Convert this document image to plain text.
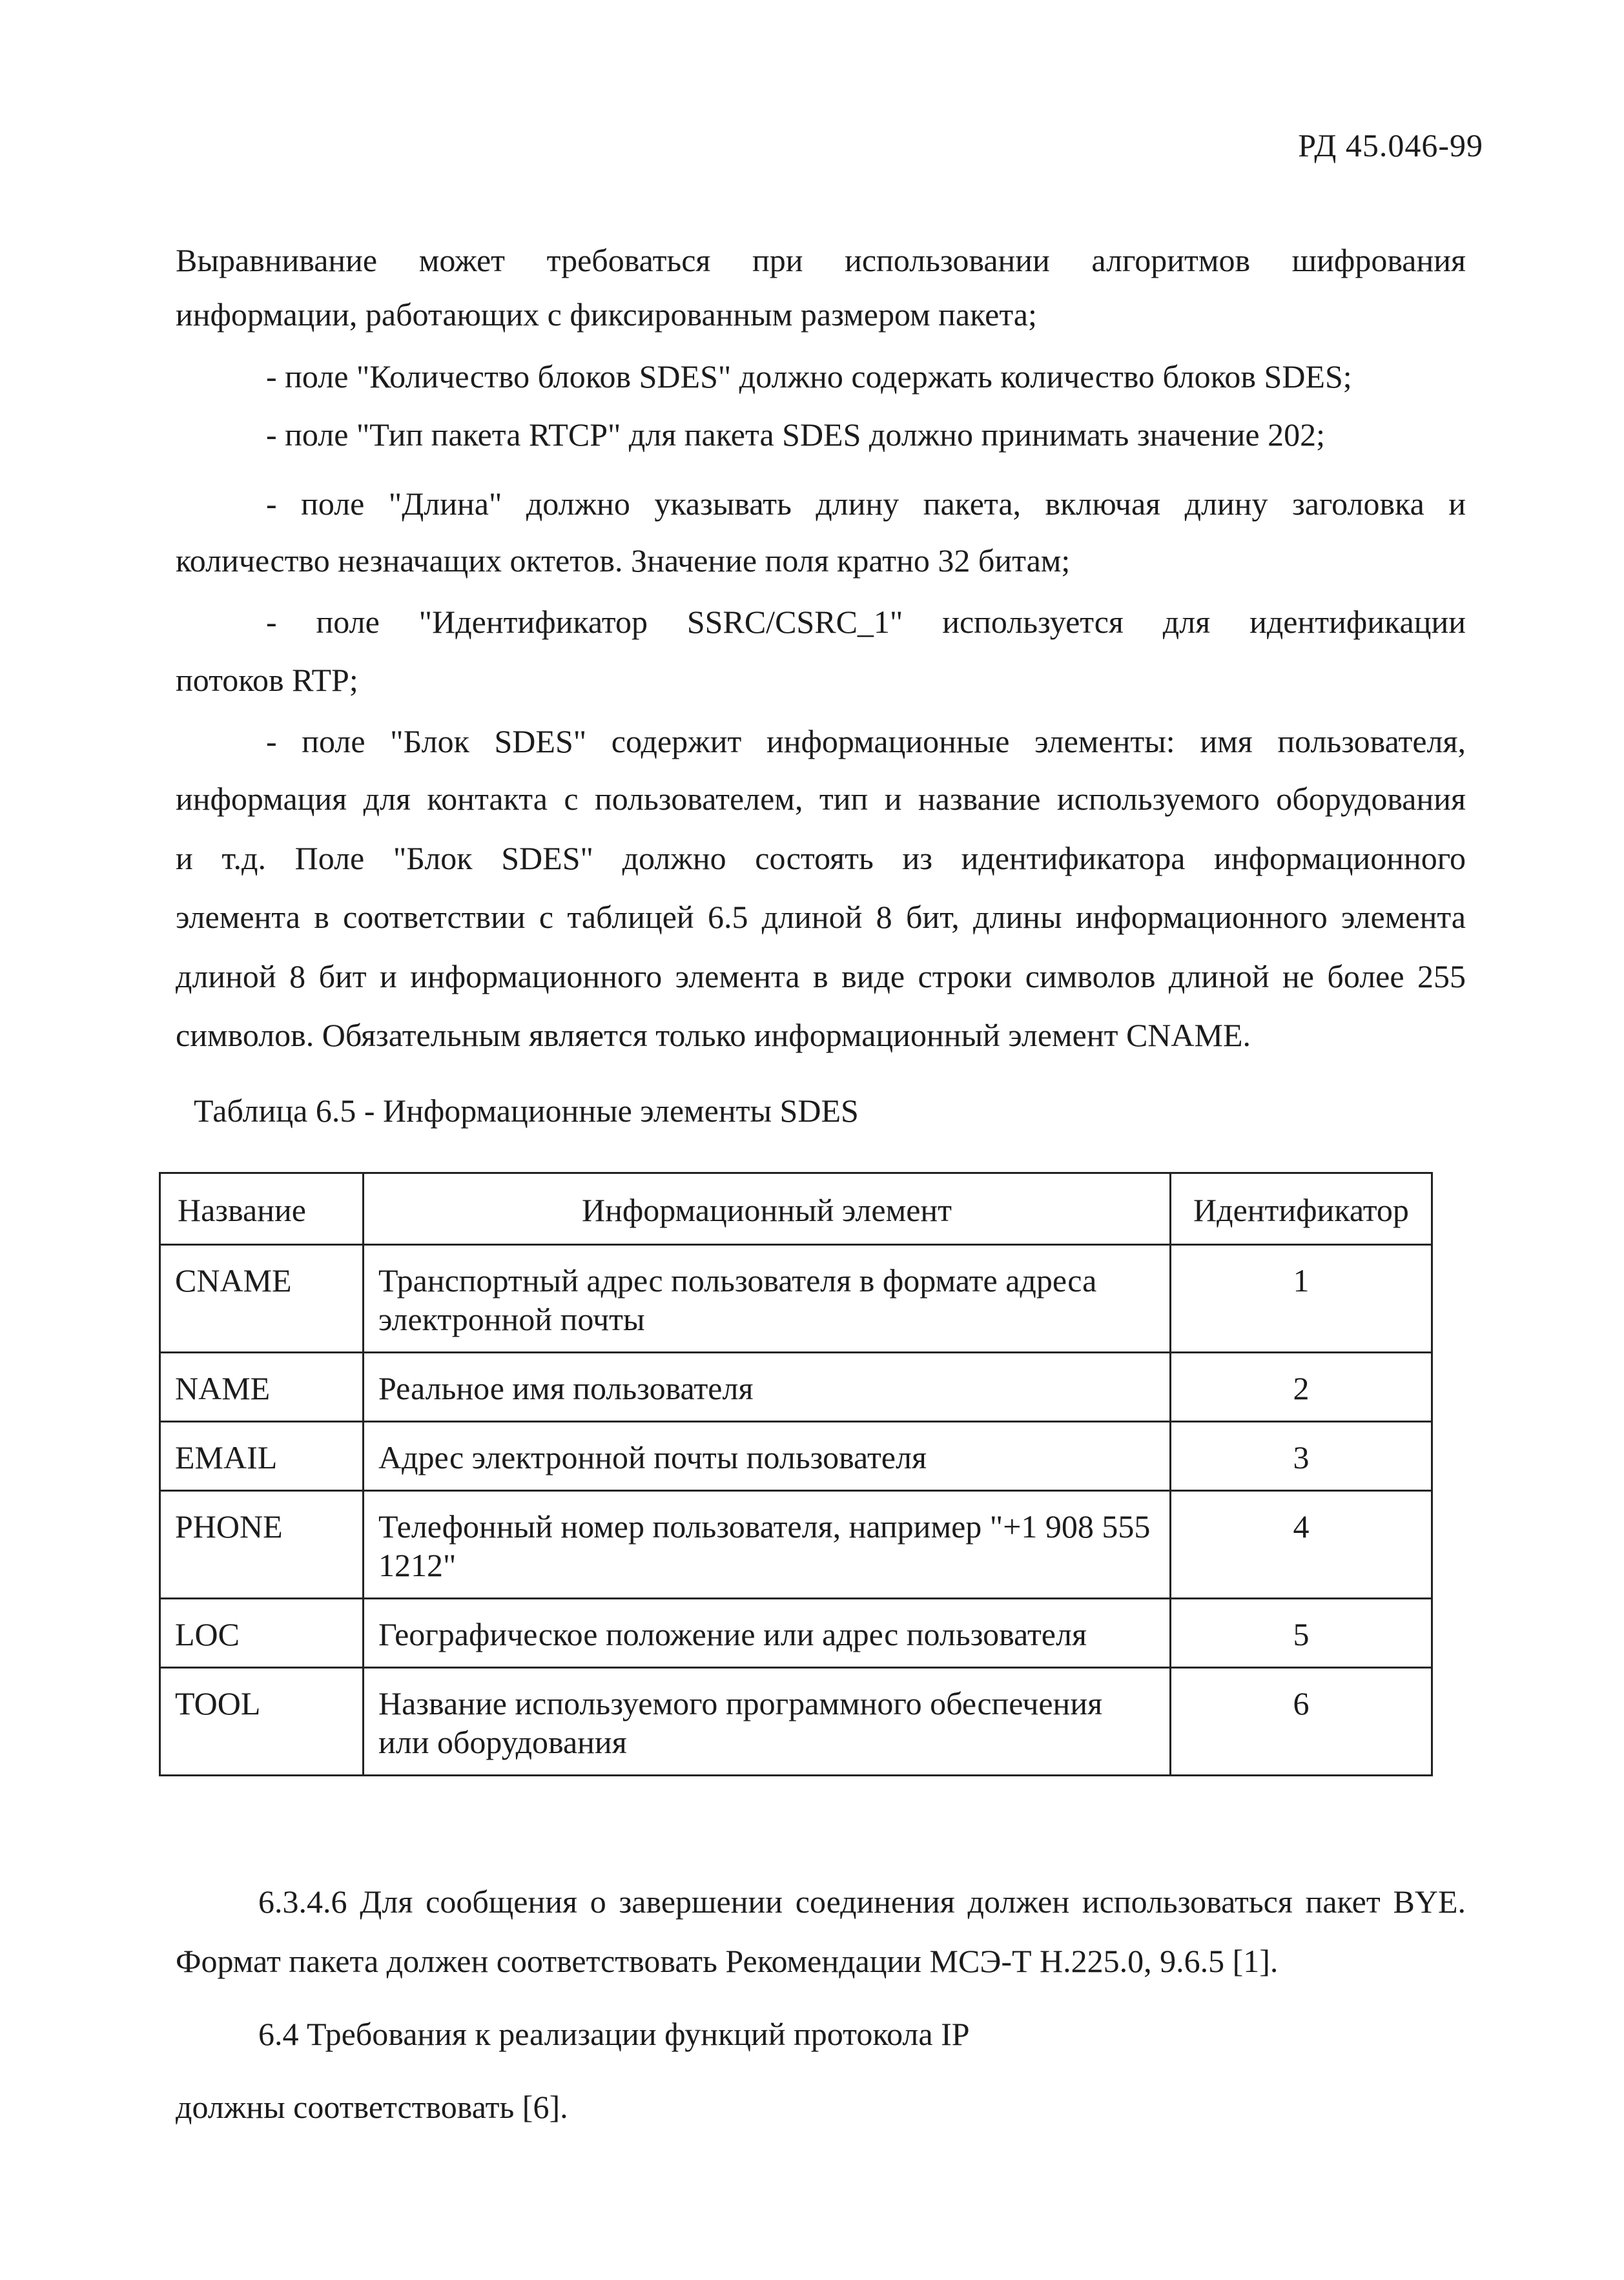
РД 45.046-99
Выравнивание может требоваться при использовании алгоритмов шифрования
информации, работающих с фиксированным размером пакета;
- поле "Количество блоков SDES" должно содержать количество блоков SDES;
- поле "Тип пакета RTCP" для пакета SDES должно принимать значение 202;
- поле "Длина" должно указывать длину пакета, включая длину заголовка и
количество незначащих октетов. Значение поля кратно 32 битам;
- поле "Идентификатор SSRC/CSRC_1" используется для идентификации
потоков RTP;
- поле "Блок SDES" содержит информационные элементы: имя пользователя,
информация для контакта с пользователем, тип и название используемого оборудования
и т.д. Поле "Блок SDES" должно состоять из идентификатора информационного
элемента в соответствии с таблицей 6.5 длиной 8 бит, длины информационного элемента
длиной 8 бит и информационного элемента в виде строки символов длиной не более 255
символов. Обязательным является только информационный элемент CNAME.
Таблица 6.5 - Информационные элементы SDES
Название	Информационный элемент	Идентификатор
CNAME	Транспортный адрес пользователя в формате адреса электронной почты	1
NAME	Реальное имя пользователя	2
EMAIL	Адрес электронной почты пользователя	3
PHONE	Телефонный номер пользователя, например "+1 908 555 1212"	4
LOC	Географическое положение или адрес пользователя	5
TOOL	Название используемого программного обеспечения или оборудования	6
6.3.4.6 Для сообщения о завершении соединения должен использоваться пакет BYE.
Формат пакета должен соответствовать Рекомендации МСЭ-Т Н.225.0, 9.6.5 [1].
6.4 Требования к реализации функций протокола IP
должны соответствовать [6].
